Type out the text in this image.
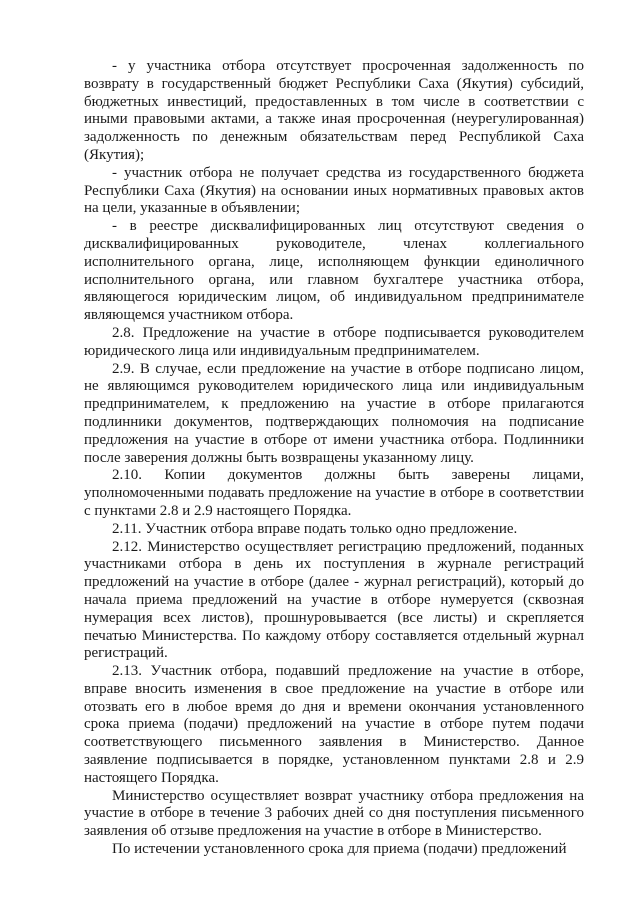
- у участника отбора отсутствует просроченная задолженность по возврату в государственный бюджет Республики Саха (Якутия) субсидий, бюджетных инвестиций, предоставленных в том числе в соответствии с иными правовыми актами, а также иная просроченная (неурегулированная) задолженность по денежным обязательствам перед Республикой Саха (Якутия);

- участник отбора не получает средства из государственного бюджета Республики Саха (Якутия) на основании иных нормативных правовых актов на цели, указанные в объявлении;

- в реестре дисквалифицированных лиц отсутствуют сведения о дисквалифицированных руководителе, членах коллегиального исполнительного органа, лице, исполняющем функции единоличного исполнительного органа, или главном бухгалтере участника отбора, являющегося юридическим лицом, об индивидуальном предпринимателе являющемся участником отбора.

2.8. Предложение на участие в отборе подписывается руководителем юридического лица или индивидуальным предпринимателем.

2.9. В случае, если предложение на участие в отборе подписано лицом, не являющимся руководителем юридического лица или индивидуальным предпринимателем, к предложению на участие в отборе прилагаются подлинники документов, подтверждающих полномочия на подписание предложения на участие в отборе от имени участника отбора. Подлинники после заверения должны быть возвращены указанному лицу.

2.10. Копии документов должны быть заверены лицами, уполномоченными подавать предложение на участие в отборе в соответствии с пунктами 2.8 и 2.9 настоящего Порядка.

2.11. Участник отбора вправе подать только одно предложение.

2.12. Министерство осуществляет регистрацию предложений, поданных участниками отбора в день их поступления в журнале регистраций предложений на участие в отборе (далее - журнал регистраций), который до начала приема предложений на участие в отборе нумеруется (сквозная нумерация всех листов), прошнуровывается (все листы) и скрепляется печатью Министерства. По каждому отбору составляется отдельный журнал регистраций.

2.13. Участник отбора, подавший предложение на участие в отборе, вправе вносить изменения в свое предложение на участие в отборе или отозвать его в любое время до дня и времени окончания установленного срока приема (подачи) предложений на участие в отборе путем подачи соответствующего письменного заявления в Министерство. Данное заявление подписывается в порядке, установленном пунктами 2.8 и 2.9 настоящего Порядка.

Министерство осуществляет возврат участнику отбора предложения на участие в отборе в течение 3 рабочих дней со дня поступления письменного заявления об отзыве предложения на участие в отборе в Министерство.

По истечении установленного срока для приема (подачи) предложений
